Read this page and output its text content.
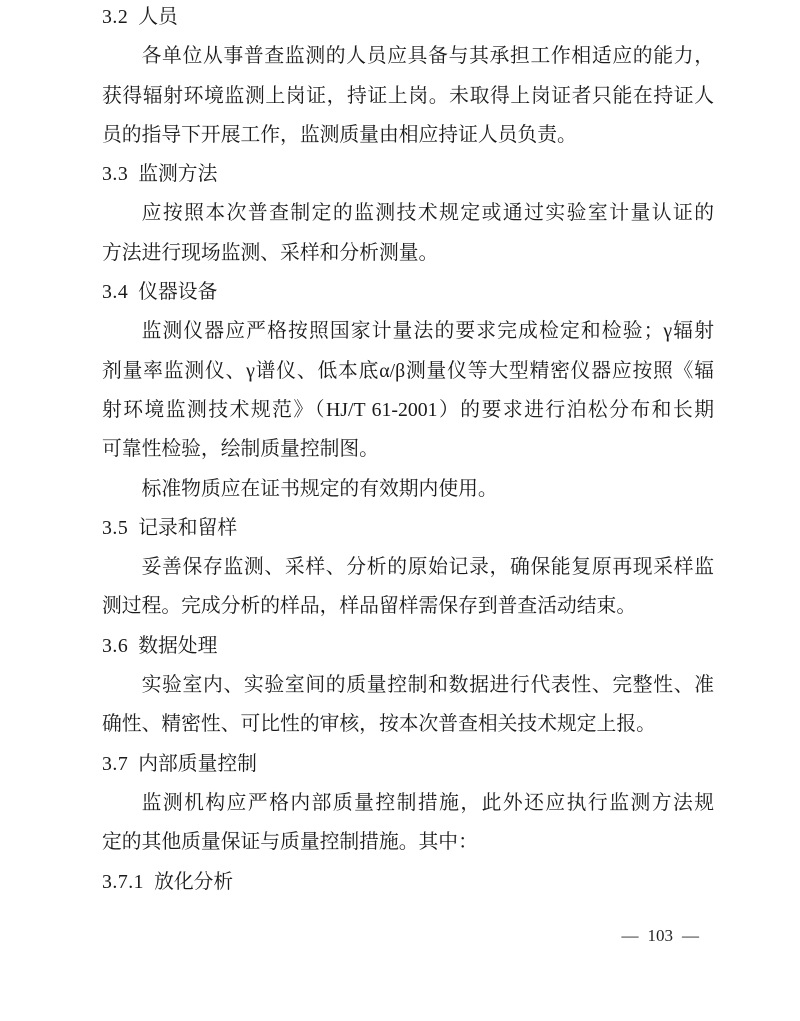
3.2 人员
各单位从事普查监测的人员应具备与其承担工作相适应的能力，
获得辐射环境监测上岗证，持证上岗。未取得上岗证者只能在持证人
员的指导下开展工作，监测质量由相应持证人员负责。
3.3 监测方法
应按照本次普查制定的监测技术规定或通过实验室计量认证的
方法进行现场监测、采样和分析测量。
3.4 仪器设备
监测仪器应严格按照国家计量法的要求完成检定和检验；γ辐射
剂量率监测仪、γ谱仪、低本底α/β测量仪等大型精密仪器应按照《辐
射环境监测技术规范》（HJ/T 61-2001）的要求进行泊松分布和长期
可靠性检验，绘制质量控制图。
标准物质应在证书规定的有效期内使用。
3.5 记录和留样
妥善保存监测、采样、分析的原始记录，确保能复原再现采样监
测过程。完成分析的样品，样品留样需保存到普查活动结束。
3.6 数据处理
实验室内、实验室间的质量控制和数据进行代表性、完整性、准
确性、精密性、可比性的审核，按本次普查相关技术规定上报。
3.7 内部质量控制
监测机构应严格内部质量控制措施，此外还应执行监测方法规
定的其他质量保证与质量控制措施。其中：
3.7.1 放化分析
— 103 —
